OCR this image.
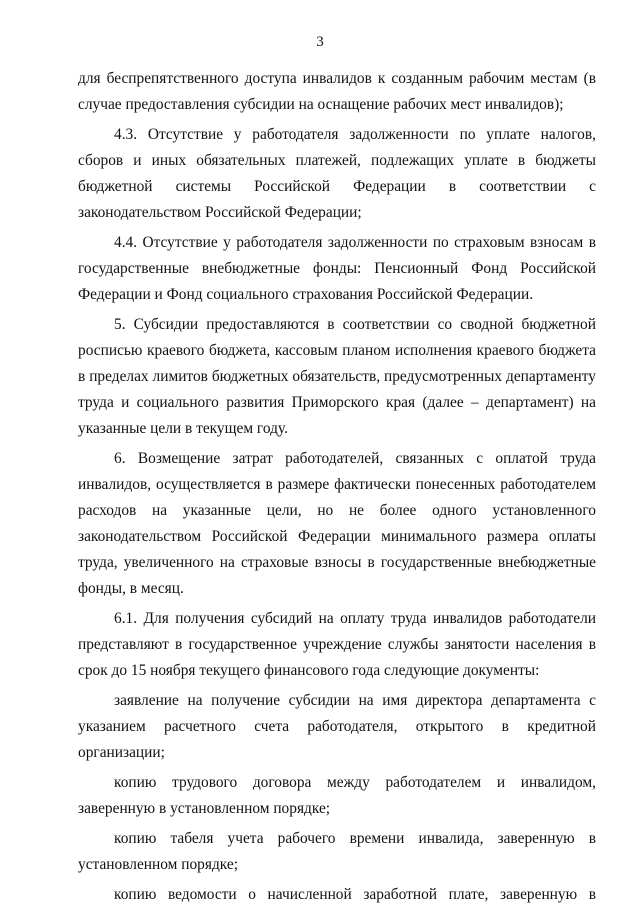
3

для беспрепятственного доступа инвалидов к созданным рабочим местам (в случае предоставления субсидии на оснащение рабочих мест инвалидов);

4.3. Отсутствие у работодателя задолженности по уплате налогов, сборов и иных обязательных платежей, подлежащих уплате в бюджеты бюджетной системы Российской Федерации в соответствии с законодательством Российской Федерации;

4.4. Отсутствие у работодателя задолженности по страховым взносам в государственные внебюджетные фонды: Пенсионный Фонд Российской Федерации и Фонд социального страхования Российской Федерации.

5. Субсидии предоставляются в соответствии со сводной бюджетной росписью краевого бюджета, кассовым планом исполнения краевого бюджета в пределах лимитов бюджетных обязательств, предусмотренных департаменту труда и социального развития Приморского края (далее – департамент) на указанные цели в текущем году.

6. Возмещение затрат работодателей, связанных с оплатой труда инвалидов, осуществляется в размере фактически понесенных работодателем расходов на указанные цели, но не более одного установленного законодательством Российской Федерации минимального размера оплаты труда, увеличенного на страховые взносы в государственные внебюджетные фонды, в месяц.

6.1. Для получения субсидий на оплату труда инвалидов работодатели представляют в государственное учреждение службы занятости населения в срок до 15 ноября текущего финансового года следующие документы:

заявление на получение субсидии на имя директора департамента с указанием расчетного счета работодателя, открытого в кредитной организации;

копию трудового договора между работодателем и инвалидом, заверенную в установленном порядке;

копию табеля учета рабочего времени инвалида, заверенную в установленном порядке;

копию ведомости о начисленной заработной плате, заверенную в
